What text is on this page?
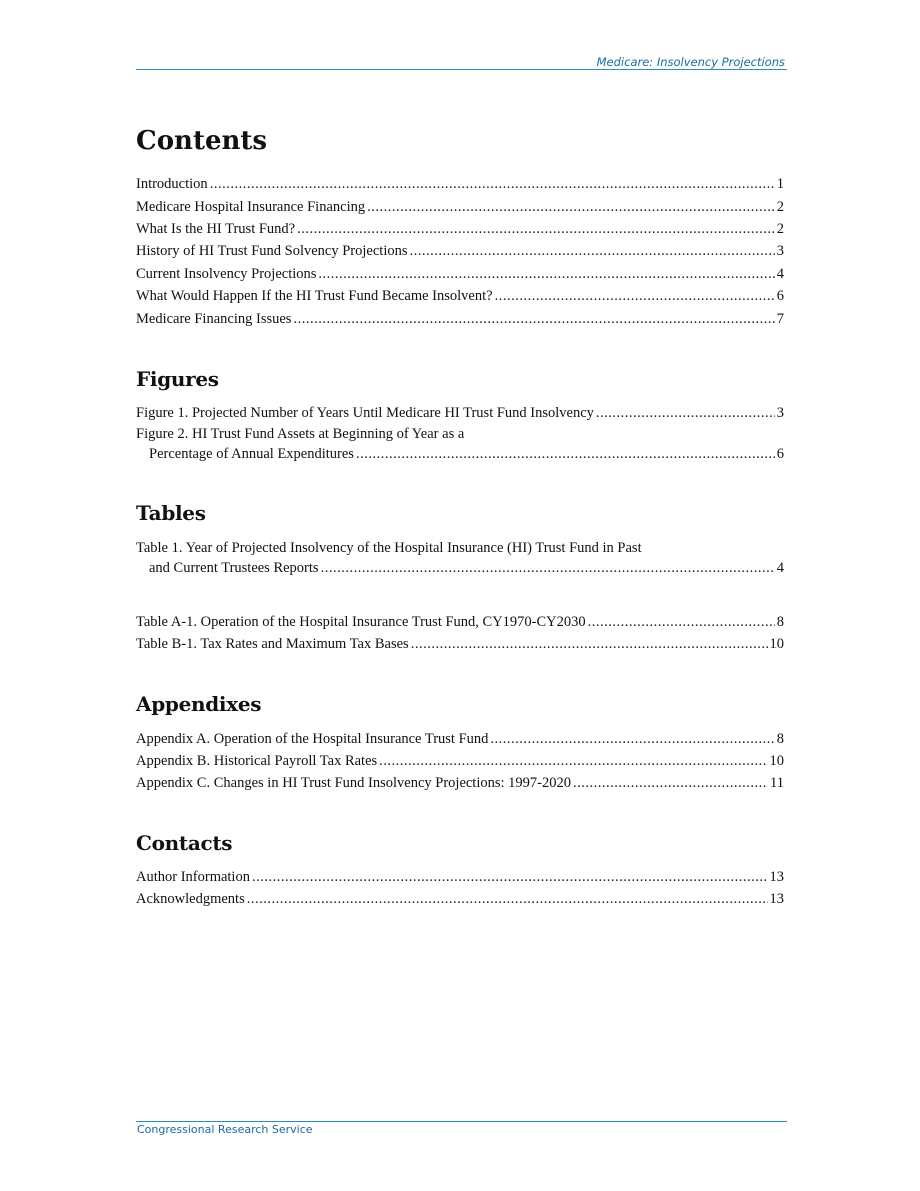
Medicare: Insolvency Projections
Contents
Introduction .....	1
Medicare Hospital Insurance Financing .....	2
What Is the HI Trust Fund? .....	2
History of HI Trust Fund Solvency Projections .....	3
Current Insolvency Projections .....	4
What Would Happen If the HI Trust Fund Became Insolvent? .....	6
Medicare Financing Issues .....	7
Figures
Figure 1. Projected Number of Years Until Medicare HI Trust Fund Insolvency .....	3
Figure 2. HI Trust Fund Assets at Beginning of Year as a
Percentage of Annual Expenditures .....	6
Tables
Table 1. Year of Projected Insolvency of the Hospital Insurance (HI) Trust Fund in Past
and Current Trustees Reports .....	4
Table A-1. Operation of the Hospital Insurance Trust Fund, CY1970-CY2030 .....	8
Table B-1. Tax Rates and Maximum Tax Bases .....	10
Appendixes
Appendix A. Operation of the Hospital Insurance Trust Fund .....	8
Appendix B. Historical Payroll Tax Rates .....	10
Appendix C. Changes in HI Trust Fund Insolvency Projections: 1997-2020 .....	11
Contacts
Author Information .....	13
Acknowledgments .....	13
Congressional Research Service
